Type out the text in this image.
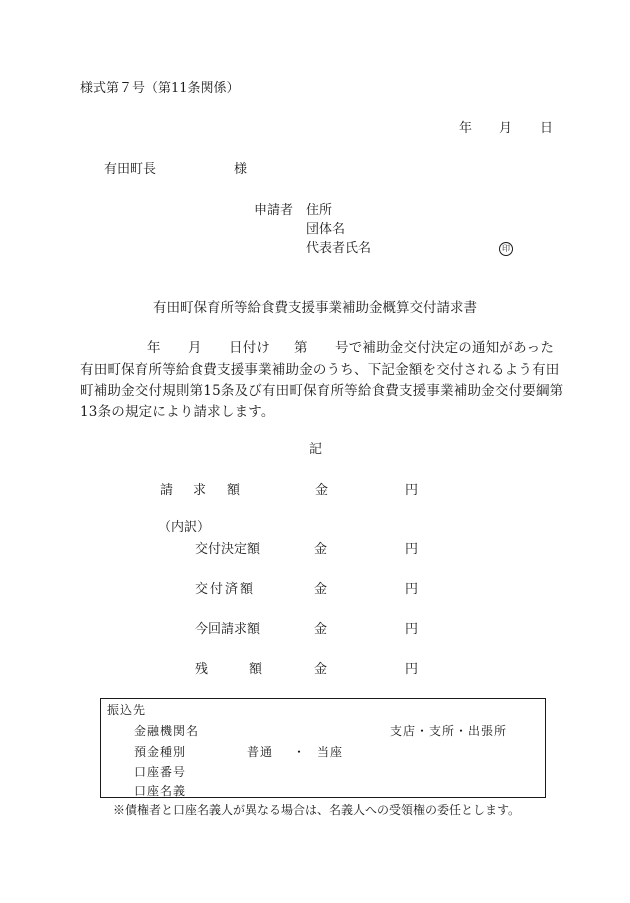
様式第７号（第11条関係）
年 月 日
有田町長	様
申請者 住所
団体名
代表者氏名	印
有田町保育所等給食費支援事業補助金概算交付請求書
年 月 日付け 第 号で補助金交付決定の通知があった
有田町保育所等給食費支援事業補助金のうち、下記金額を交付されるよう有田
町補助金交付規則第15条及び有田町保育所等給食費支援事業補助金交付要綱第
13条の規定により請求します。
記
請 求 額	金	円
（内訳）
交付決定額	金	円
交付済額	金	円
今回請求額	金	円
残	額	金	円
振込先
金融機関名	支店・支所・出張所
預金種別	普通 ・ 当座
口座番号
口座名義
※債権者と口座名義人が異なる場合は、名義人への受領権の委任とします。
